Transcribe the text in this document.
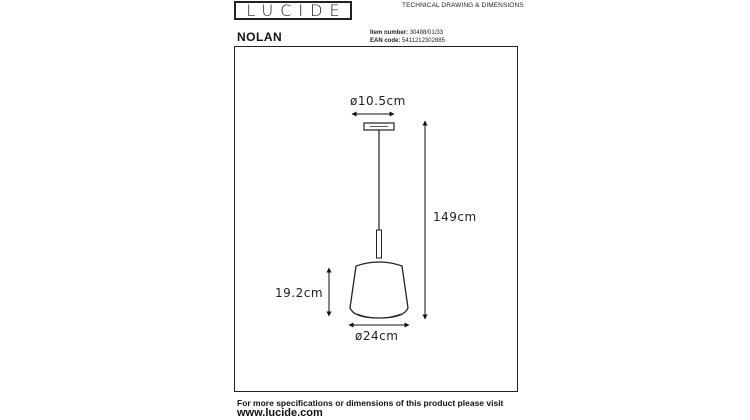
LUCIDE	TECHNICAL DRAWING & DIMENSIONS
NOLAN	Item number: 30488/01/33
EAN code: 5411212302885
ø10.5cm
149cm
19.2cm
ø24cm
For more specifications or dimensions of this product please visit
www.lucide.com
